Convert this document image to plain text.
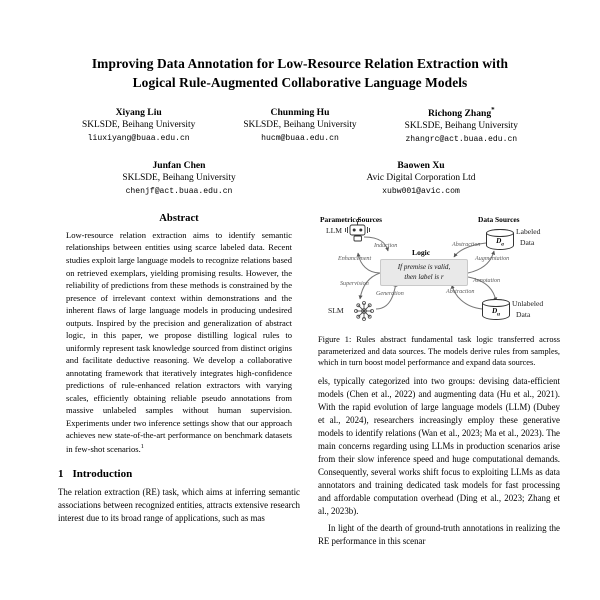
Improving Data Annotation for Low-Resource Relation Extraction with
Logical Rule-Augmented Collaborative Language Models
Xiyang Liu
SKLSDE, Beihang University
liuxiyang@buaa.edu.cn
Chunming Hu
SKLSDE, Beihang University
hucm@buaa.edu.cn
Richong Zhang*
SKLSDE, Beihang University
zhangrc@act.buaa.edu.cn
Junfan Chen
SKLSDE, Beihang University
chenjf@act.buaa.edu.cn
Baowen Xu
Avic Digital Corporation Ltd
xubw001@avic.com
Abstract
Low-resource relation extraction aims to identify semantic relationships between entities using scarce labeled data. Recent studies exploit large language models to recognize relations based on retrieved exemplars, yielding promising results. However, the reliability of predictions from these methods is constrained by the presence of irrelevant context within demonstrations and the inherent flaws of large language models in producing undesired outputs. Inspired by the precision and generalization of abstract logic, in this paper, we propose distilling logical rules to uniformly represent task knowledge sourced from distinct origins and facilitate deductive reasoning. We develop a collaborative annotating framework that iteratively integrates high-confidence predictions of rule-enhanced relation extractors with varying scales, efficiently obtaining reliable pseudo annotations from massive unlabeled samples without human supervision. Experiments under two inference settings show that our approach achieves new state-of-the-art performance on benchmark datasets in few-shot scenarios.$^1$
1 Introduction
The relation extraction (RE) task, which aims at inferring semantic associations between recognized entities, attracts extensive research interest due to its broad range of applications, such as mas
Parametric Sources	Data Sources
LLM
SLM
Logic
If premise is valid,
then label is r
$D_a$
Labeled
Data
$D_u$
Unlabeled
Data
Induction
Enhancement
Supervision
Generation
Abstraction
Augmentation
Annotation
Abstraction
Figure 1: Rules abstract fundamental task logic transferred across parameterized and data sources. The models derive rules from samples, which in turn boost model performance and expand data sources.
els, typically categorized into two groups: devising data-efficient models (Chen et al., 2022) and augmenting data (Hu et al., 2021). With the rapid evolution of large language models (LLM) (Dubey et al., 2024), researchers increasingly employ these generative models to identify relations (Wan et al., 2023; Ma et al., 2023). The main concerns regarding using LLMs in production scenarios arise from their slow inference speed and huge computational demands. Consequently, several works shift focus to exploiting LLMs as data annotators and training dedicated task models for fast processing and affordable computation overhead (Ding et al., 2023; Zhang et al., 2023b).
In light of the dearth of ground-truth annotations in realizing the RE performance in this scenar
